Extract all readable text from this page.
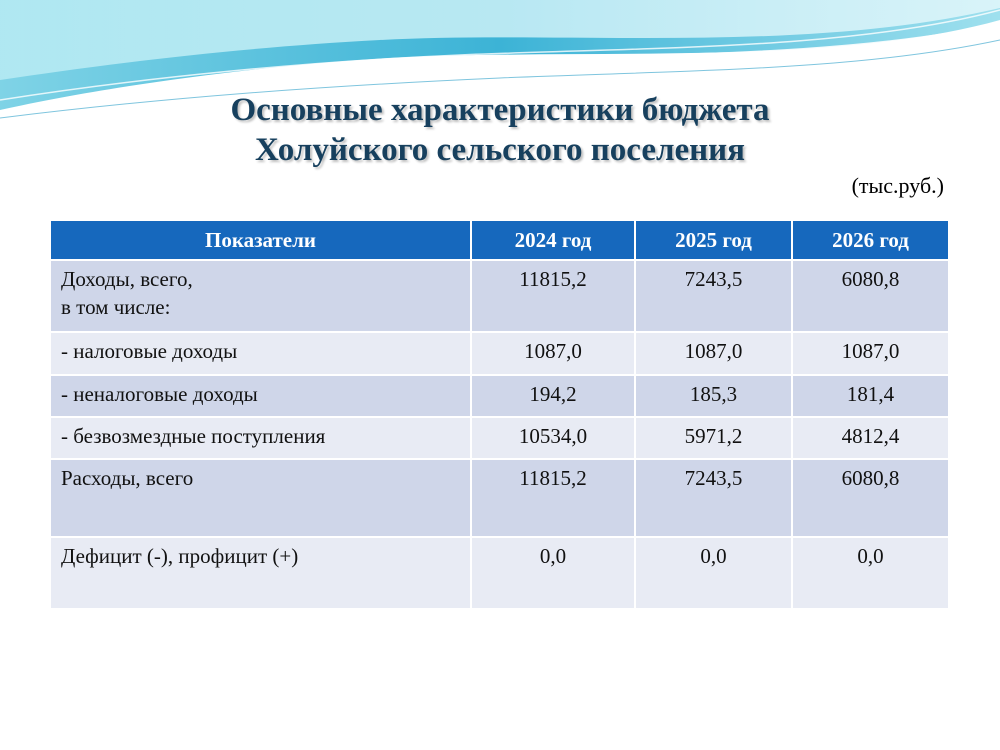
Основные характеристики бюджета
Холуйского сельского поселения
(тыс.руб.)
Показатели	2024 год	2025 год	2026 год

Доходы, всего,
в том числе:	11815,2	7243,5	6080,8
- налоговые доходы	1087,0	1087,0	1087,0
- неналоговые доходы	194,2	185,3	181,4
- безвозмездные поступления	10534,0	5971,2	4812,4
Расходы, всего	11815,2	7243,5	6080,8
Дефицит (-), профицит (+)	0,0	0,0	0,0
